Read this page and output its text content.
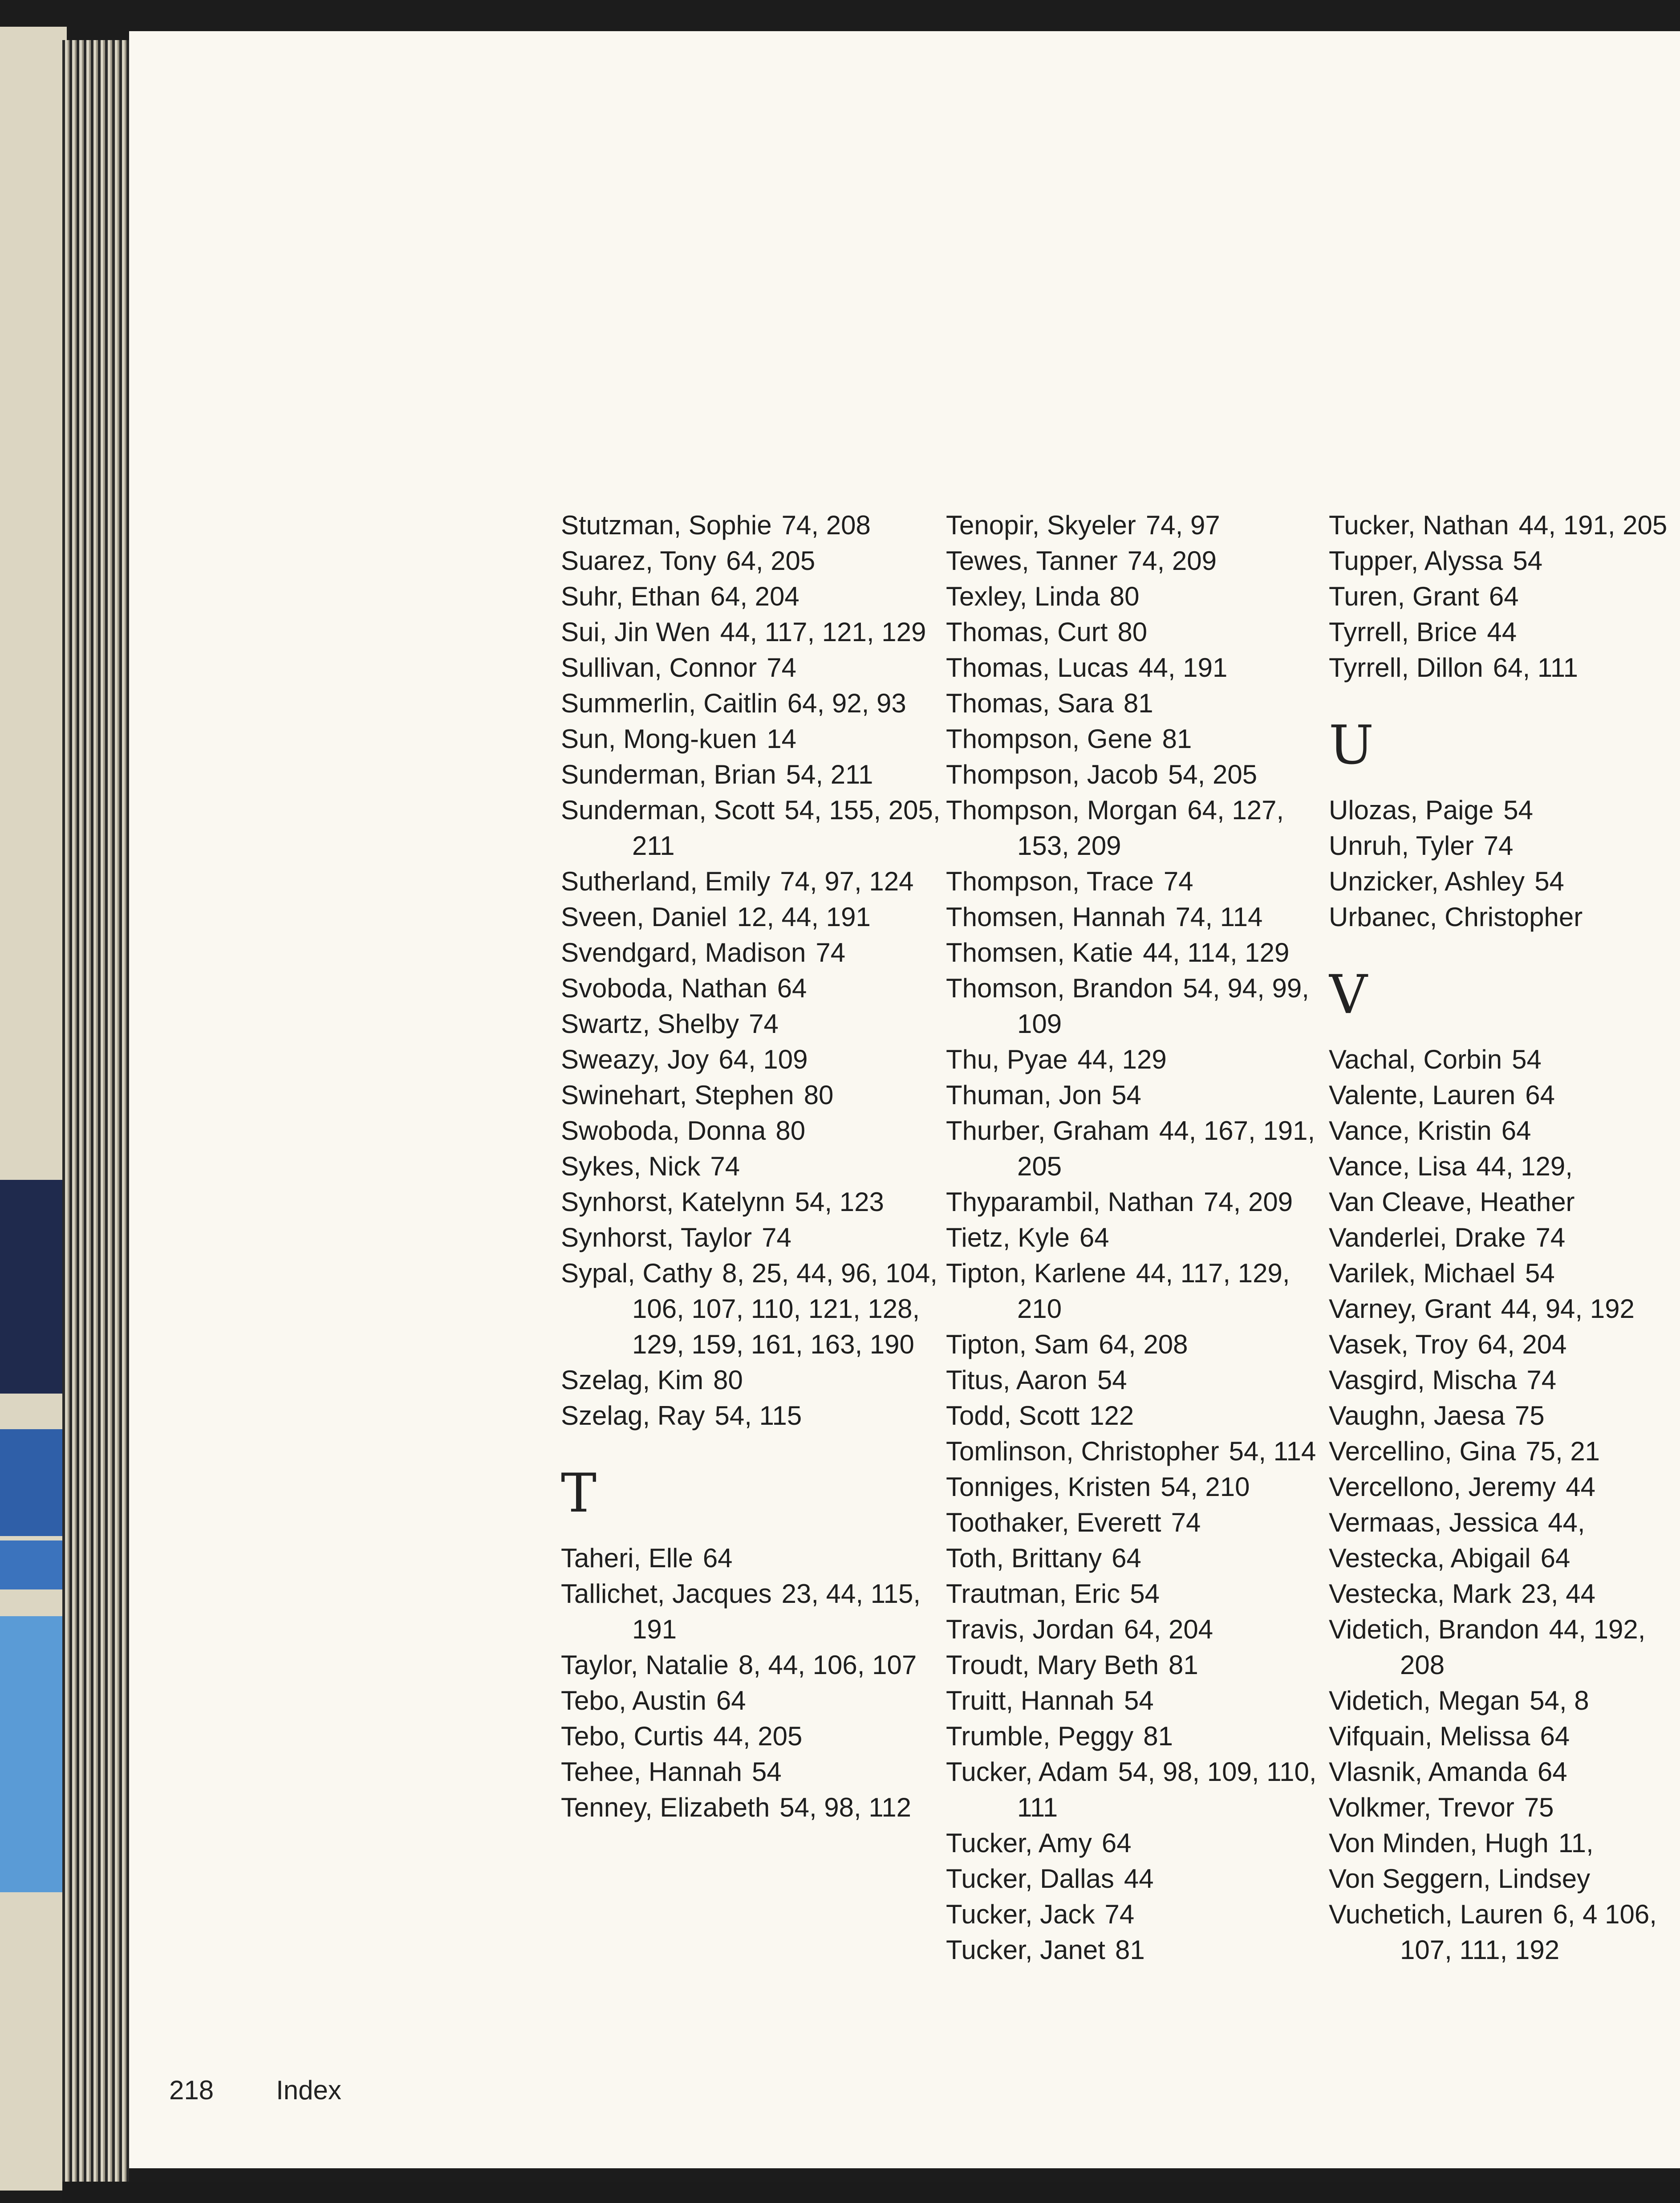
Stutzman, Sophie 74, 208
Suarez, Tony 64, 205
Suhr, Ethan 64, 204
Sui, Jin Wen 44, 117, 121, 129
Sullivan, Connor 74
Summerlin, Caitlin 64, 92, 93
Sun, Mong-kuen 14
Sunderman, Brian 54, 211
Sunderman, Scott 54, 155, 205, 211
Sutherland, Emily 74, 97, 124
Sveen, Daniel 12, 44, 191
Svendgard, Madison 74
Svoboda, Nathan 64
Swartz, Shelby 74
Sweazy, Joy 64, 109
Swinehart, Stephen 80
Swoboda, Donna 80
Sykes, Nick 74
Synhorst, Katelynn 54, 123
Synhorst, Taylor 74
Sypal, Cathy 8, 25, 44, 96, 104, 106, 107, 110, 121, 128, 129, 159, 161, 163, 190
Szelag, Kim 80
Szelag, Ray 54, 115
T
Taheri, Elle 64
Tallichet, Jacques 23, 44, 115, 191
Taylor, Natalie 8, 44, 106, 107
Tebo, Austin 64
Tebo, Curtis 44, 205
Tehee, Hannah 54
Tenney, Elizabeth 54, 98, 112
Tenopir, Skyeler 74, 97
Tewes, Tanner 74, 209
Texley, Linda 80
Thomas, Curt 80
Thomas, Lucas 44, 191
Thomas, Sara 81
Thompson, Gene 81
Thompson, Jacob 54, 205
Thompson, Morgan 64, 127, 153, 209
Thompson, Trace 74
Thomsen, Hannah 74, 114
Thomsen, Katie 44, 114, 129
Thomson, Brandon 54, 94, 99, 109
Thu, Pyae 44, 129
Thuman, Jon 54
Thurber, Graham 44, 167, 191, 205
Thyparambil, Nathan 74, 209
Tietz, Kyle 64
Tipton, Karlene 44, 117, 129, 210
Tipton, Sam 64, 208
Titus, Aaron 54
Todd, Scott 122
Tomlinson, Christopher 54, 114
Tonniges, Kristen 54, 210
Toothaker, Everett 74
Toth, Brittany 64
Trautman, Eric 54
Travis, Jordan 64, 204
Troudt, Mary Beth 81
Truitt, Hannah 54
Trumble, Peggy 81
Tucker, Adam 54, 98, 109, 110, 111
Tucker, Amy 64
Tucker, Dallas 44
Tucker, Jack 74
Tucker, Janet 81
Tucker, Nathan 44, 191, 205
Tupper, Alyssa 54
Turen, Grant 64
Tyrrell, Brice 44
Tyrrell, Dillon 64, 111
U
Ulozas, Paige 54
Unruh, Tyler 74
Unzicker, Ashley 54
Urbanec, Christopher
V
Vachal, Corbin 54
Valente, Lauren 64
Vance, Kristin 64
Vance, Lisa 44, 129,
Van Cleave, Heather
Vanderlei, Drake 74
Varilek, Michael 54
Varney, Grant 44, 94, 192
Vasek, Troy 64, 204
Vasgird, Mischa 74
Vaughn, Jaesa 75
Vercellino, Gina 75, 21
Vercellono, Jeremy 44
Vermaas, Jessica 44,
Vestecka, Abigail 64
Vestecka, Mark 23, 44
Videtich, Brandon 44, 192, 208
Videtich, Megan 54, 8
Vifquain, Melissa 64
Vlasnik, Amanda 64
Volkmer, Trevor 75
Von Minden, Hugh 11,
Von Seggern, Lindsey
Vuchetich, Lauren 6, 4 106, 107, 111, 192
218 Index
